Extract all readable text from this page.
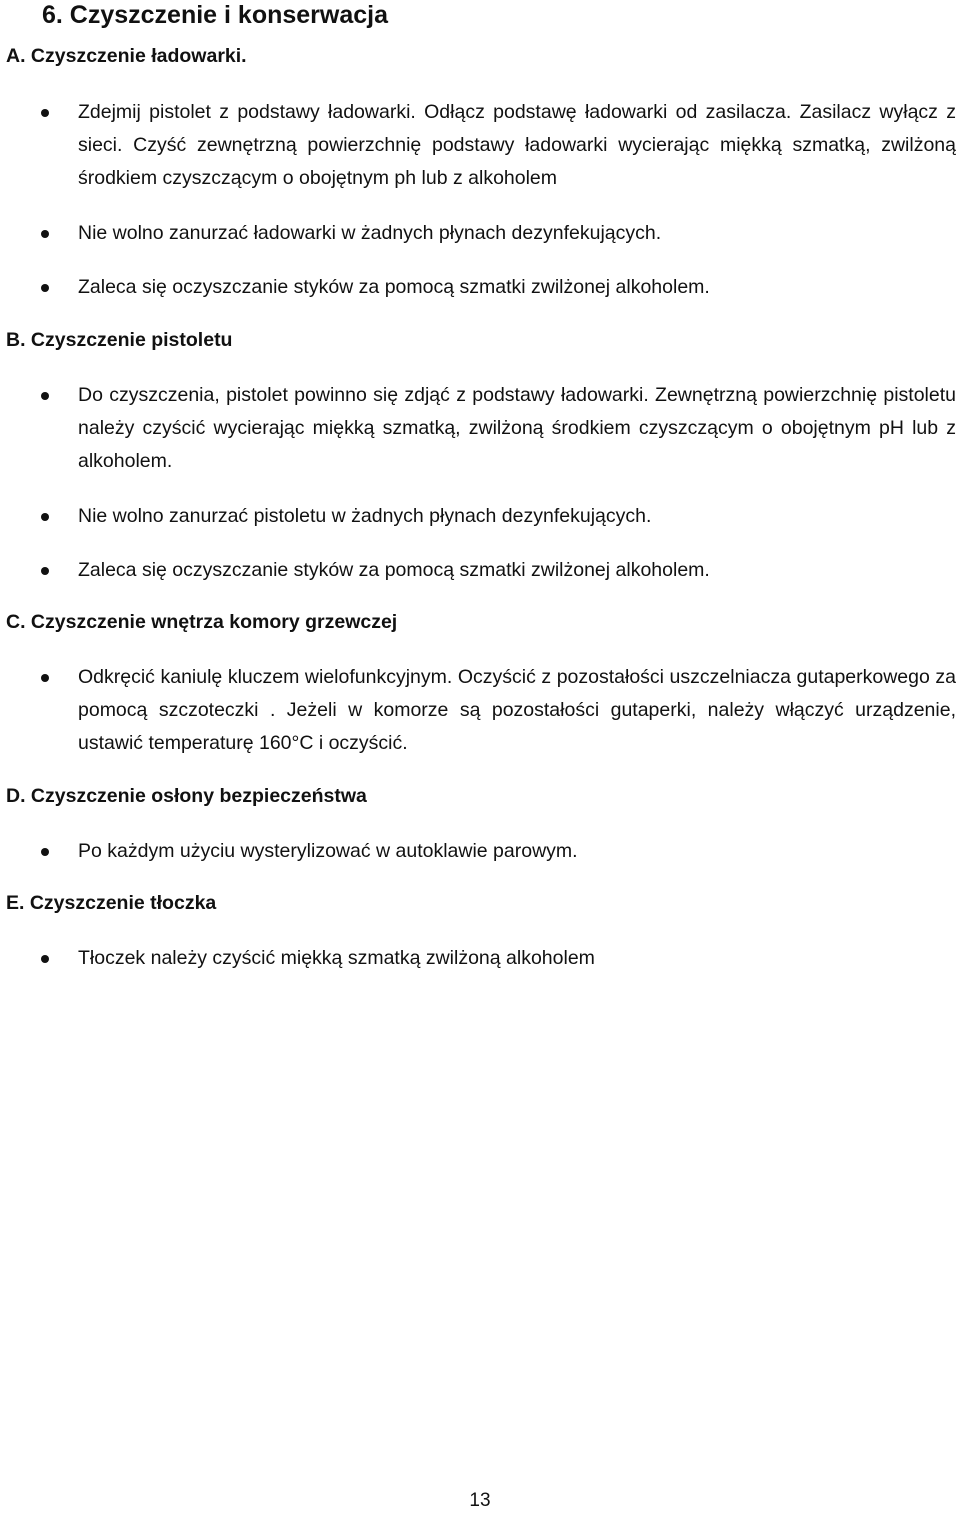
6. Czyszczenie i konserwacja
A. Czyszczenie ładowarki.

Zdejmij pistolet z podstawy ładowarki. Odłącz podstawę ładowarki od zasilacza. Zasilacz wyłącz z sieci. Czyść zewnętrzną powierzchnię podstawy ładowarki wycierając miękką szmatką, zwilżoną środkiem czyszczącym o obojętnym ph lub z alkoholem

Nie wolno zanurzać ładowarki w żadnych płynach dezynfekujących.

Zaleca się oczyszczanie styków za pomocą szmatki zwilżonej alkoholem.

B. Czyszczenie pistoletu

Do czyszczenia, pistolet powinno się zdjąć z podstawy ładowarki. Zewnętrzną powierzchnię pistoletu należy czyścić wycierając miękką szmatką, zwilżoną środkiem czyszczącym o obojętnym pH lub z alkoholem.

Nie wolno zanurzać pistoletu w żadnych płynach dezynfekujących.

Zaleca się oczyszczanie styków za pomocą szmatki zwilżonej alkoholem.

C. Czyszczenie wnętrza komory grzewczej

Odkręcić kaniulę kluczem wielofunkcyjnym. Oczyścić z pozostałości uszczelniacza gutaperkowego za pomocą szczoteczki . Jeżeli w komorze są pozostałości gutaperki, należy włączyć urządzenie, ustawić temperaturę 160°C i oczyścić.

D. Czyszczenie osłony bezpieczeństwa

Po każdym użyciu wysterylizować w autoklawie parowym.

E. Czyszczenie tłoczka

Tłoczek należy czyścić miękką szmatką zwilżoną alkoholem

13
